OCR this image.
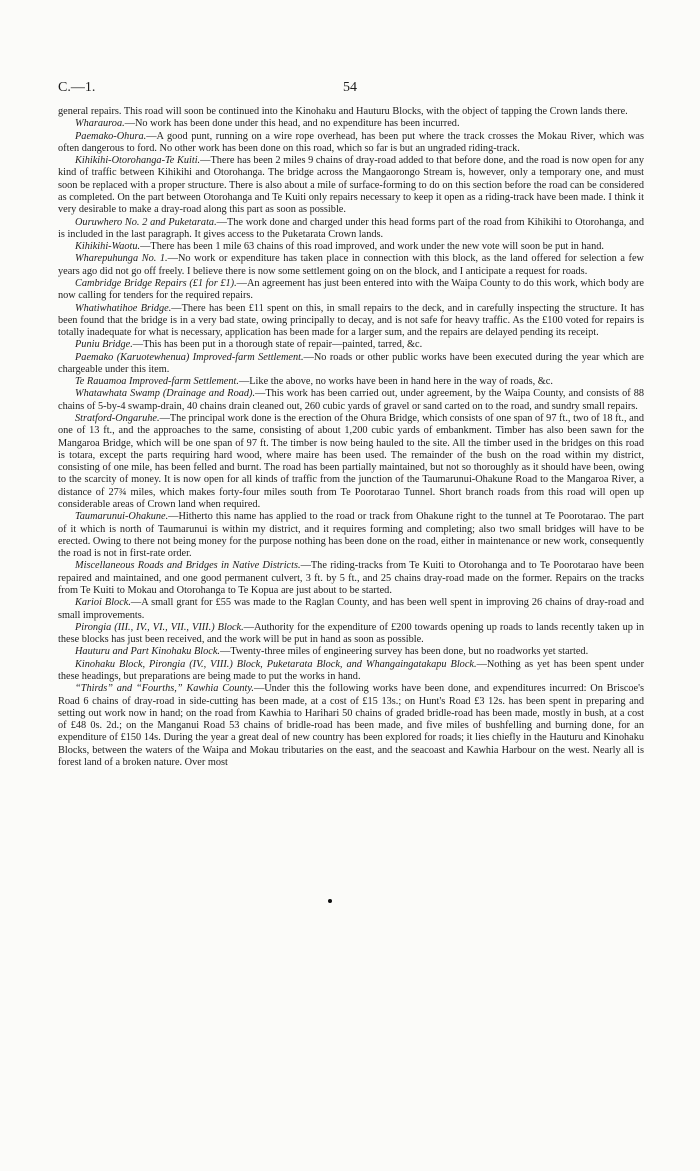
C.—1.	54

general repairs. This road will soon be continued into the Kinohaku and Hauturu Blocks, with the object of tapping the Crown lands there.

Wharauroa.—No work has been done under this head, and no expenditure has been incurred.

Paemako-Ohura.—A good punt, running on a wire rope overhead, has been put where the track crosses the Mokau River, which was often dangerous to ford. No other work has been done on this road, which so far is but an ungraded riding-track.

Kihikihi-Otorohanga-Te Kuiti.—There has been 2 miles 9 chains of dray-road added to that before done, and the road is now open for any kind of traffic between Kihikihi and Otorohanga. The bridge across the Mangaorongo Stream is, however, only a temporary one, and must soon be replaced with a proper structure. There is also about a mile of surface-forming to do on this section before the road can be considered as completed. On the part between Otorohanga and Te Kuiti only repairs necessary to keep it open as a riding-track have been made. I think it very desirable to make a dray-road along this part as soon as possible.

Ouruwhero No. 2 and Puketarata.—The work done and charged under this head forms part of the road from Kihikihi to Otorohanga, and is included in the last paragraph. It gives access to the Puketarata Crown lands.

Kihikihi-Waotu.—There has been 1 mile 63 chains of this road improved, and work under the new vote will soon be put in hand.

Wharepuhunga No. 1.—No work or expenditure has taken place in connection with this block, as the land offered for selection a few years ago did not go off freely. I believe there is now some settlement going on on the block, and I anticipate a request for roads.

Cambridge Bridge Repairs (£1 for £1).—An agreement has just been entered into with the Waipa County to do this work, which body are now calling for tenders for the required repairs.

Whatiwhatihoe Bridge.—There has been £11 spent on this, in small repairs to the deck, and in carefully inspecting the structure. It has been found that the bridge is in a very bad state, owing principally to decay, and is not safe for heavy traffic. As the £100 voted for repairs is totally inadequate for what is necessary, application has been made for a larger sum, and the repairs are delayed pending its receipt.

Puniu Bridge.—This has been put in a thorough state of repair—painted, tarred, &c.

Paemako (Karuotewhenua) Improved-farm Settlement.—No roads or other public works have been executed during the year which are chargeable under this item.

Te Rauamoa Improved-farm Settlement.—Like the above, no works have been in hand here in the way of roads, &c.

Whatawhata Swamp (Drainage and Road).—This work has been carried out, under agreement, by the Waipa County, and consists of 88 chains of 5-by-4 swamp-drain, 40 chains drain cleaned out, 260 cubic yards of gravel or sand carted on to the road, and sundry small repairs.

Stratford-Ongaruhe.—The principal work done is the erection of the Ohura Bridge, which consists of one span of 97 ft., two of 18 ft., and one of 13 ft., and the approaches to the same, consisting of about 1,200 cubic yards of embankment. Timber has also been sawn for the Mangaroa Bridge, which will be one span of 97 ft. The timber is now being hauled to the site. All the timber used in the bridges on this road is totara, except the parts requiring hard wood, where maire has been used. The remainder of the bush on the road within my district, consisting of one mile, has been felled and burnt. The road has been partially maintained, but not so thoroughly as it should have been, owing to the scarcity of money. It is now open for all kinds of traffic from the junction of the Taumarunui-Ohakune Road to the Mangaroa River, a distance of 27¾ miles, which makes forty-four miles south from Te Poorotarao Tunnel. Short branch roads from this road will open up considerable areas of Crown land when required.

Taumarunui-Ohakune.—Hitherto this name has applied to the road or track from Ohakune right to the tunnel at Te Poorotarao. The part of it which is north of Taumarunui is within my district, and it requires forming and completing; also two small bridges will have to be erected. Owing to there not being money for the purpose nothing has been done on the road, either in maintenance or new work, consequently the road is not in first-rate order.

Miscellaneous Roads and Bridges in Native Districts.—The riding-tracks from Te Kuiti to Otorohanga and to Te Poorotarao have been repaired and maintained, and one good permanent culvert, 3 ft. by 5 ft., and 25 chains dray-road made on the former. Repairs on the tracks from Te Kuiti to Mokau and Otorohanga to Te Kopua are just about to be started.

Karioi Block.—A small grant for £55 was made to the Raglan County, and has been well spent in improving 26 chains of dray-road and small improvements.

Pirongia (III., IV., VI., VII., VIII.) Block.—Authority for the expenditure of £200 towards opening up roads to lands recently taken up in these blocks has just been received, and the work will be put in hand as soon as possible.

Hauturu and Part Kinohaku Block.—Twenty-three miles of engineering survey has been done, but no roadworks yet started.

Kinohaku Block, Pirongia (IV., VIII.) Block, Puketarata Block, and Whangaingatakapu Block.—Nothing as yet has been spent under these headings, but preparations are being made to put the works in hand.

“Thirds” and “Fourths,” Kawhia County.—Under this the following works have been done, and expenditures incurred: On Briscoe's Road 6 chains of dray-road in side-cutting has been made, at a cost of £15 13s.; on Hunt's Road £3 12s. has been spent in preparing and setting out work now in hand; on the road from Kawhia to Harihari 50 chains of graded bridle-road has been made, mostly in bush, at a cost of £48 0s. 2d.; on the Manganui Road 53 chains of bridle-road has been made, and five miles of bushfelling and burning done, for an expenditure of £150 14s. During the year a great deal of new country has been explored for roads; it lies chiefly in the Hauturu and Kinohaku Blocks, between the waters of the Waipa and Mokau tributaries on the east, and the seacoast and Kawhia Harbour on the west. Nearly all is forest land of a broken nature. Over most
